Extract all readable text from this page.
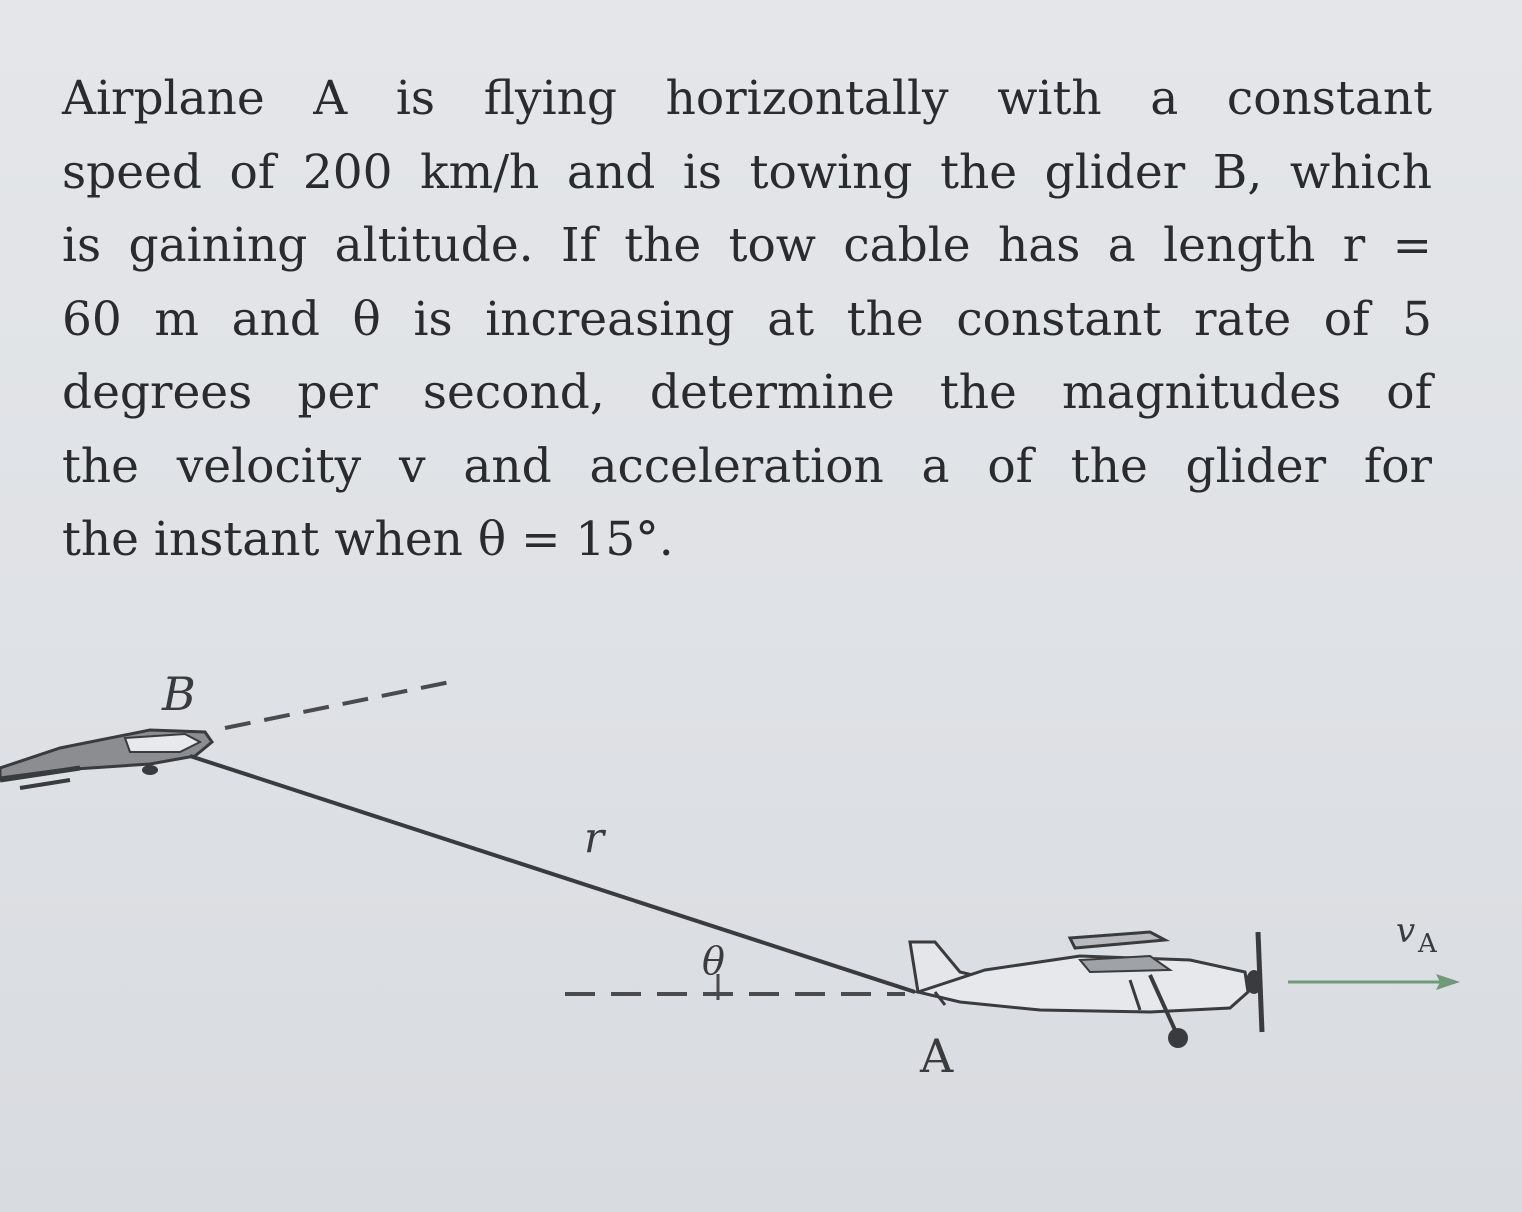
Airplane A is flying horizontally with a constant
speed of 200 km/h and is towing the glider B, which
is gaining altitude. If the tow cable has a length r =
60 m and θ is increasing at the constant rate of 5
degrees per second, determine the magnitudes of
the velocity v and acceleration a of the glider for
the instant when θ = 15°.
B
r
θ
A
v A
